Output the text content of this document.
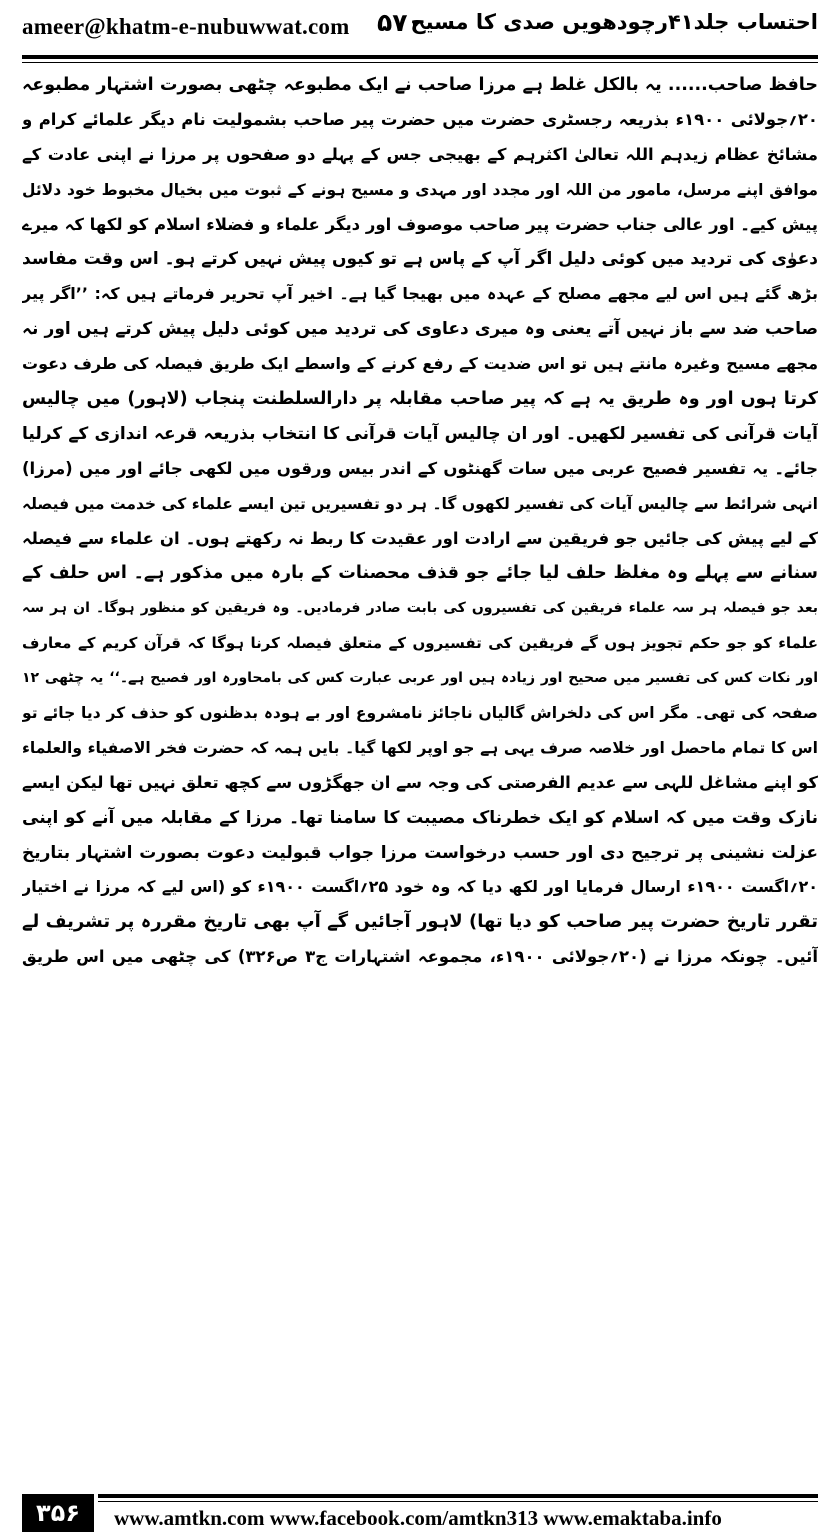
ameer@khatm-e-nubuwwat.com ۵۷۰
احتساب جلد۴۱رچودھویں صدی کا مسیح
حافظ صاحب...... یہ بالکل غلط ہے مرزا صاحب نے ایک مطبوعہ چٹھی بصورت اشتہار مطبوعہ
۲۰؍جولائی ۱۹۰۰ء بذریعہ رجسٹری حضرت میں حضرت پیر صاحب بشمولیت نام دیگر علمائے کرام و
مشائخ عظام زیدہم اللہ تعالیٰ اکثرہم کے بھیجی جس کے پہلے دو صفحوں پر مرزا نے اپنی عادت کے
موافق اپنے مرسل، مامور من اللہ اور مجدد اور مہدی و مسیح ہونے کے ثبوت میں بخیال مخبوط خود دلائل
پیش کیے۔ اور عالی جناب حضرت پیر صاحب موصوف اور دیگر علماء و فضلاء اسلام کو لکھا کہ میرے
دعوٰی کی تردید میں کوئی دلیل اگر آپ کے پاس ہے تو کیوں پیش نہیں کرتے ہو۔ اس وقت مفاسد
بڑھ گئے ہیں اس لیے مجھے مصلح کے عہدہ میں بھیجا گیا ہے۔ اخیر آپ تحریر فرماتے ہیں کہ: ’’اگر پیر
صاحب ضد سے باز نہیں آتے یعنی وہ میری دعاوی کی تردید میں کوئی دلیل پیش کرتے ہیں اور نہ
مجھے مسیح وغیرہ مانتے ہیں تو اس ضدیت کے رفع کرنے کے واسطے ایک طریق فیصلہ کی طرف دعوت
کرتا ہوں اور وہ طریق یہ ہے کہ پیر صاحب مقابلہ پر دارالسلطنت پنجاب (لاہور) میں چالیس
آیات قرآنی کی تفسیر لکھیں۔ اور ان چالیس آیات قرآنی کا انتخاب بذریعہ قرعہ اندازی کے کرلیا
جائے۔ یہ تفسیر فصیح عربی میں سات گھنٹوں کے اندر بیس ورقوں میں لکھی جائے اور میں (مرزا)
انہی شرائط سے چالیس آیات کی تفسیر لکھوں گا۔ ہر دو تفسیریں تین ایسے علماء کی خدمت میں فیصلہ
کے لیے پیش کی جائیں جو فریقین سے ارادت اور عقیدت کا ربط نہ رکھتے ہوں۔ ان علماء سے فیصلہ
سنانے سے پہلے وہ مغلظ حلف لیا جائے جو قذف محصنات کے بارہ میں مذکور ہے۔ اس حلف کے
بعد جو فیصلہ ہر سہ علماء فریقین کی تفسیروں کی بابت صادر فرمادیں۔ وہ فریقین کو منظور ہوگا۔ ان ہر سہ
علماء کو جو حکم تجویز ہوں گے فریقین کی تفسیروں کے متعلق فیصلہ کرنا ہوگا کہ قرآن کریم کے معارف
اور نکات کس کی تفسیر میں صحیح اور زیادہ ہیں اور عربی عبارت کس کی بامحاورہ اور فصیح ہے۔‘‘ یہ چٹھی ۱۲
صفحہ کی تھی۔ مگر اس کی دلخراش گالیاں ناجائز نامشروع اور بے ہودہ بدظنوں کو حذف کر دیا جائے تو
اس کا تمام ماحصل اور خلاصہ صرف یہی ہے جو اوپر لکھا گیا۔ بایں ہمہ کہ حضرت فخر الاصفیاء والعلماء
کو اپنے مشاغل للہی سے عدیم الفرصتی کی وجہ سے ان جھگڑوں سے کچھ تعلق نہیں تھا لیکن ایسے
نازک وقت میں کہ اسلام کو ایک خطرناک مصیبت کا سامنا تھا۔ مرزا کے مقابلہ میں آنے کو اپنی
عزلت نشینی پر ترجیح دی اور حسب درخواست مرزا جواب قبولیت دعوت بصورت اشتہار بتاریخ
۲۰؍اگست ۱۹۰۰ء ارسال فرمایا اور لکھ دیا کہ وہ خود ۲۵؍اگست ۱۹۰۰ء کو (اس لیے کہ مرزا نے اختیار
تقرر تاریخ حضرت پیر صاحب کو دیا تھا) لاہور آجائیں گے آپ بھی تاریخ مقررہ پر تشریف لے
آئیں۔ چونکہ مرزا نے (۲۰؍جولائی ۱۹۰۰ء، مجموعہ اشتہارات ج۳ ص۳۲۶) کی چٹھی میں اس طریق
۳۵۶	www.amtkn.com www.facebook.com/amtkn313 www.emaktaba.info
